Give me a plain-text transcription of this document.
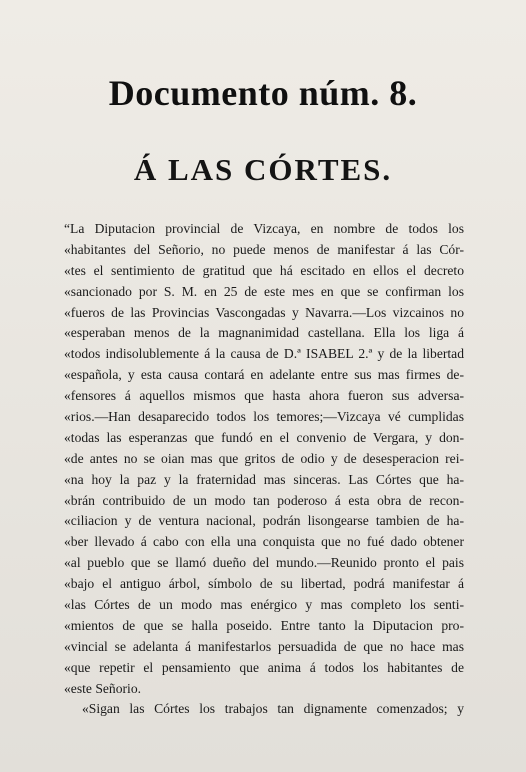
Documento núm. 8.
Á LAS CÓRTES.
“La Diputacion provincial de Vizcaya, en nombre de todos los
«habitantes del Señorio, no puede menos de manifestar á las Cór-
«tes el sentimiento de gratitud que há escitado en ellos el decreto
«sancionado por S. M. en 25 de este mes en que se confirman los
«fueros de las Provincias Vascongadas y Navarra.—Los vizcainos no
«esperaban menos de la magnanimidad castellana. Ella los liga á
«todos indisolublemente á la causa de D.ª ISABEL 2.ª y de la libertad
«española, y esta causa contará en adelante entre sus mas firmes de-
«fensores á aquellos mismos que hasta ahora fueron sus adversa-
«rios.—Han desaparecido todos los temores;—Vizcaya vé cumplidas
«todas las esperanzas que fundó en el convenio de Vergara, y don-
«de antes no se oian mas que gritos de odio y de desesperacion rei-
«na hoy la paz y la fraternidad mas sinceras. Las Córtes que ha-
«brán contribuido de un modo tan poderoso á esta obra de recon-
«ciliacion y de ventura nacional, podrán lisongearse tambien de ha-
«ber llevado á cabo con ella una conquista que no fué dado obtener
«al pueblo que se llamó dueño del mundo.—Reunido pronto el pais
«bajo el antiguo árbol, símbolo de su libertad, podrá manifestar á
«las Córtes de un modo mas enérgico y mas completo los senti-
«mientos de que se halla poseido. Entre tanto la Diputacion pro-
«vincial se adelanta á manifestarlos persuadida de que no hace mas
«que repetir el pensamiento que anima á todos los habitantes de
«este Señorio.
«Sigan las Córtes los trabajos tan dignamente comenzados; y
